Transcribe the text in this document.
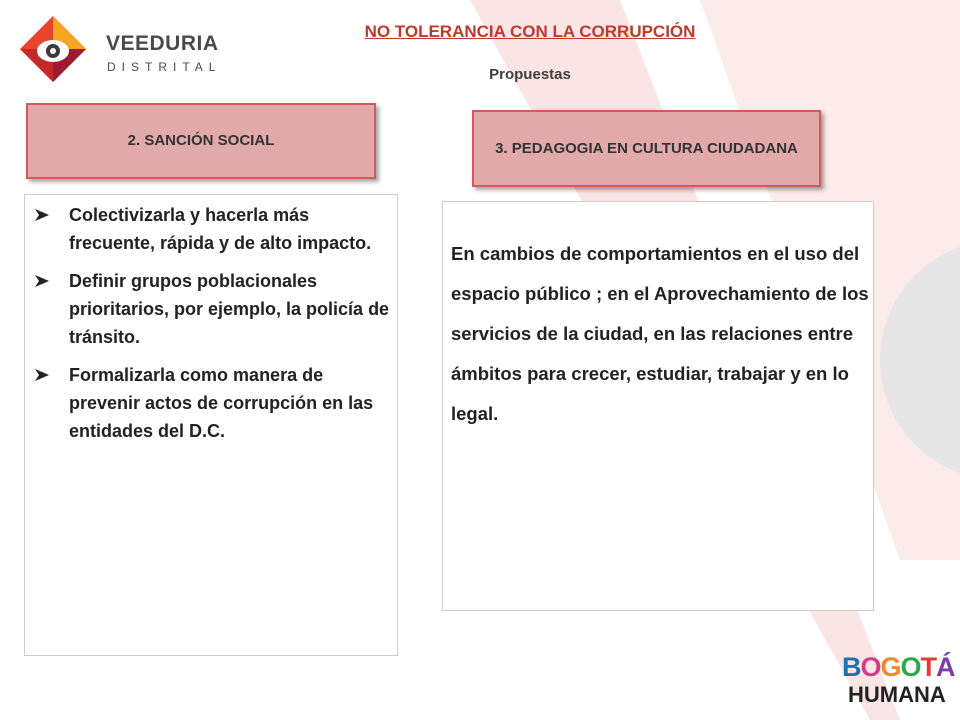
VEEDURIA
DISTRITAL
NO TOLERANCIA CON LA CORRUPCIÓN
Propuestas
2. SANCIÓN SOCIAL	3. PEDAGOGIA EN CULTURA CIUDADANA
Colectivizarla y hacerla más frecuente, rápida y de alto impacto.
Definir grupos poblacionales prioritarios, por ejemplo, la policía de tránsito.
Formalizarla como manera de prevenir actos de corrupción en las entidades del D.C.
En cambios de comportamientos en el uso del espacio público ; en el Aprovechamiento de los servicios de la ciudad, en las relaciones entre ámbitos para crecer, estudiar, trabajar y en lo legal.
BOGOTÁ
HUMANA
